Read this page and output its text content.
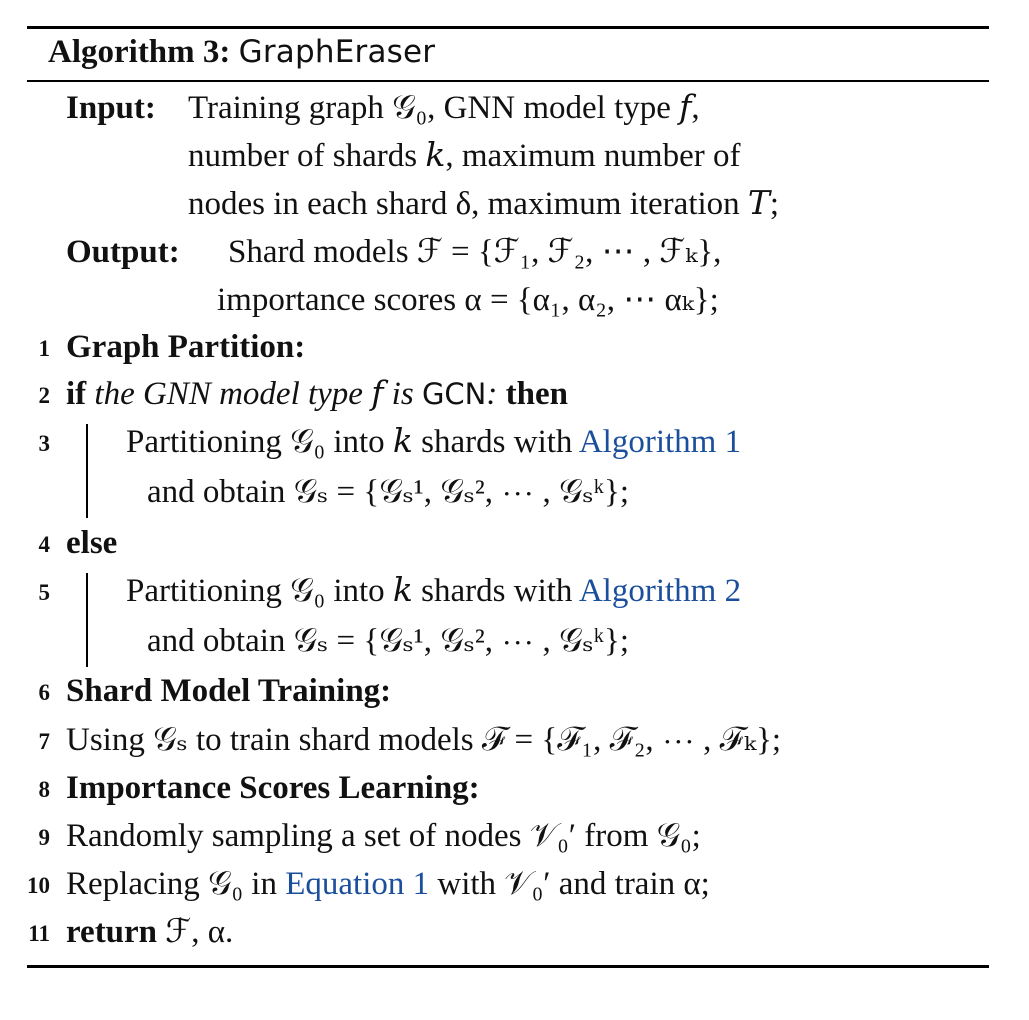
Algorithm 3: GraphEraser
Input: Training graph 𝒢₀, GNN model type 𝑓,
number of shards 𝑘, maximum number of
nodes in each shard δ, maximum iteration 𝑇;
Output: Shard models ℱ = {ℱ₁, ℱ₂, ⋯ , ℱₖ},
importance scores α = {α₁, α₂, ⋯ αₖ};
1 Graph Partition:
2 if the GNN model type 𝑓 is GCN: then
3 Partitioning 𝒢₀ into 𝑘 shards with Algorithm 1
and obtain 𝒢ₛ = {𝒢ₛ¹, 𝒢ₛ², ⋯ , 𝒢ₛᵏ};
4 else
5 Partitioning 𝒢₀ into 𝑘 shards with Algorithm 2
and obtain 𝒢ₛ = {𝒢ₛ¹, 𝒢ₛ², ⋯ , 𝒢ₛᵏ};
6 Shard Model Training:
7 Using 𝒢ₛ to train shard models ℱ = {ℱ₁, ℱ₂, ⋯ , ℱₖ};
8 Importance Scores Learning:
9 Randomly sampling a set of nodes 𝒱₀′ from 𝒢₀;
10 Replacing 𝒢₀ in Equation 1 with 𝒱₀′ and train α;
11 return ℱ, α.
